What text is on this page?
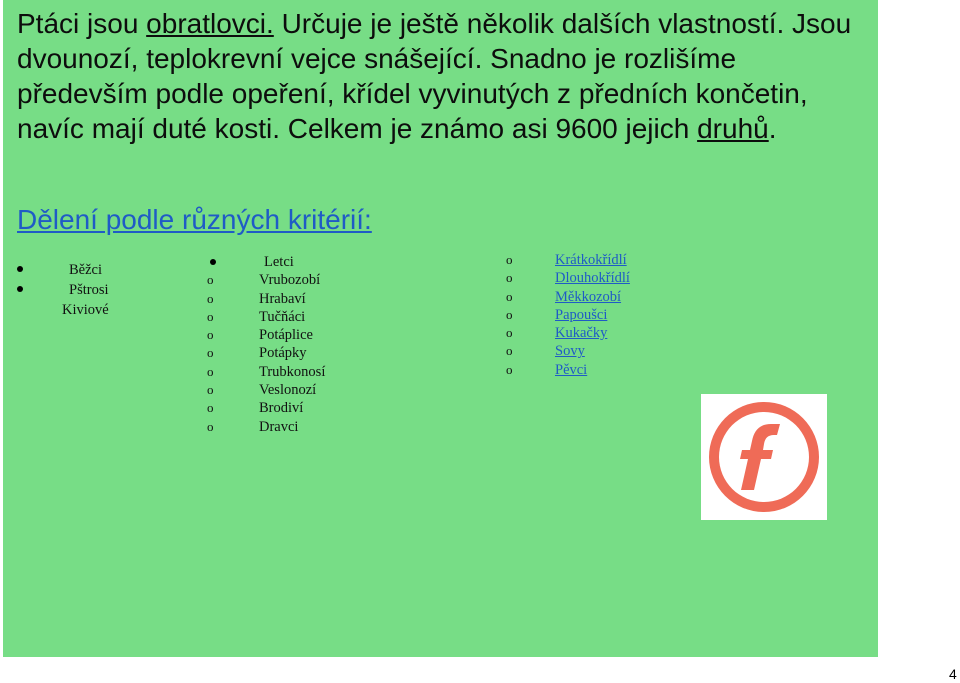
Ptáci jsou obratlovci. Určuje je ještě několik dalších vlastností. Jsou dvounozí, teplokrevní vejce snášející. Snadno je rozlišíme především podle opeření, křídel vyvinutých z předních končetin, navíc mají duté kosti. Celkem je známo asi 9600 jejich druhů.
Dělení podle různých kritérií:
Běžci
Pštrosi
Kiviové
Letci
o	Vrubozobí
o	Hrabaví
o	Tučňáci
o	Potáplice
o	Potápky
o	Trubkonosí
o	Veslonozí
o	Brodiví
o	Dravci
o	Krátkokřídlí
o	Dlouhokřídlí
o	Měkkozobí
o	Papoušci
o	Kukačky
o	Sovy
o	Pěvci
4
